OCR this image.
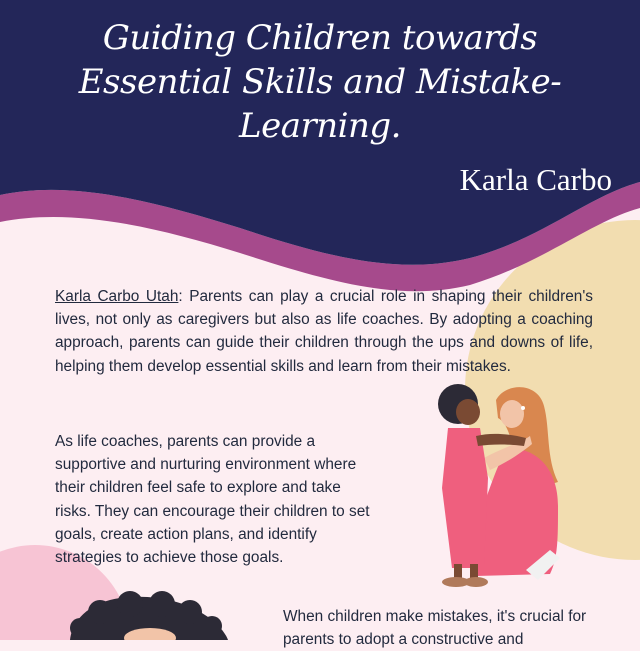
Guiding Children towards Essential Skills and Mistake-Learning.
Karla Carbo

Karla Carbo Utah: Parents can play a crucial role in shaping their children's lives, not only as caregivers but also as life coaches. By adopting a coaching approach, parents can guide their children through the ups and downs of life, helping them develop essential skills and learn from their mistakes.

As life coaches, parents can provide a supportive and nurturing environment where their children feel safe to explore and take risks. They can encourage their children to set goals, create action plans, and identify strategies to achieve those goals.

When children make mistakes, it's crucial for parents to adopt a constructive and
